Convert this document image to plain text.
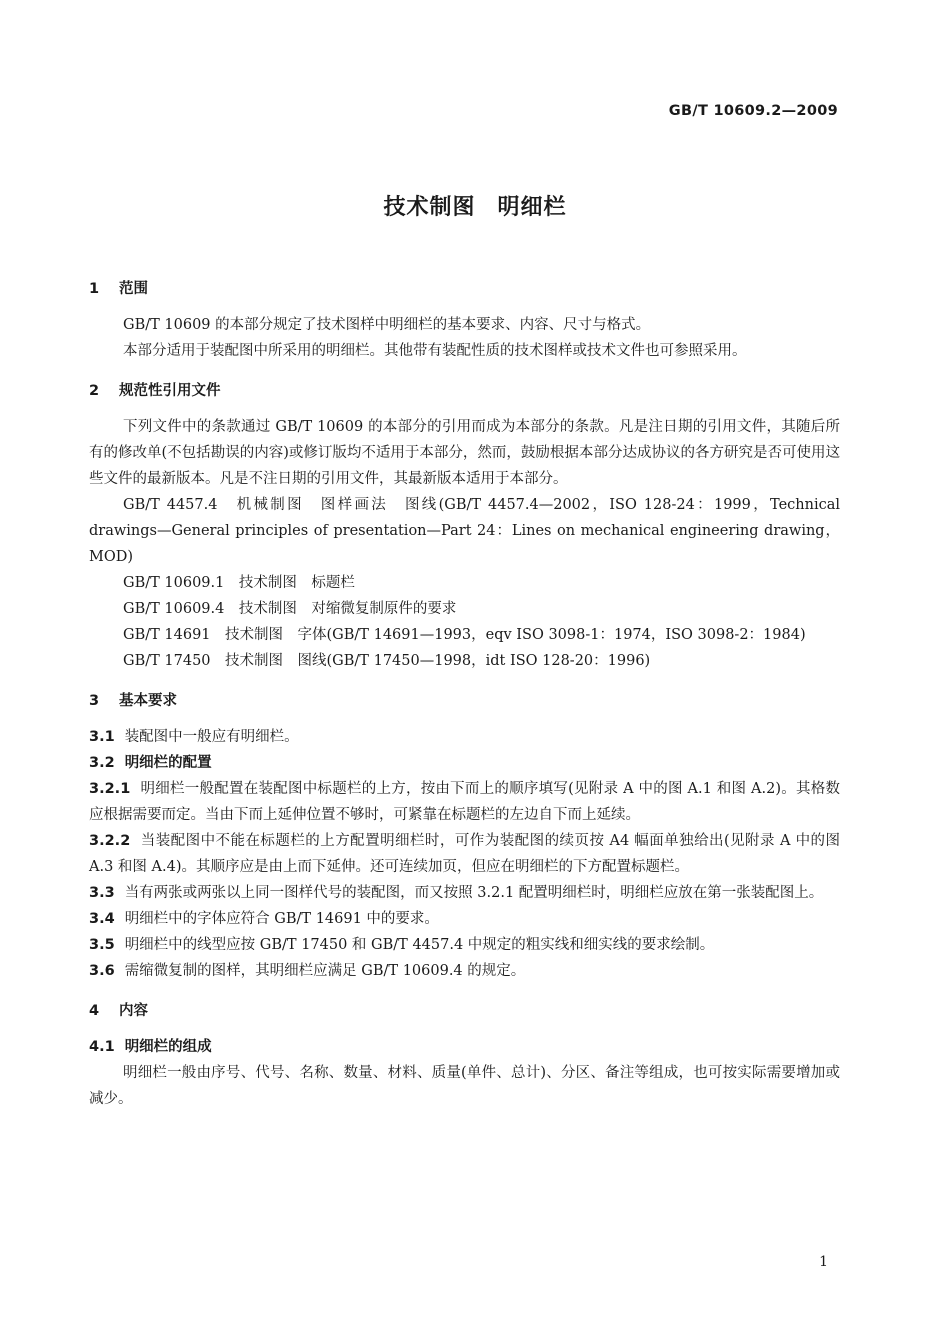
GB/T 10609.2—2009
技术制图 明细栏
1 范围

GB/T 10609 的本部分规定了技术图样中明细栏的基本要求、内容、尺寸与格式。

本部分适用于装配图中所采用的明细栏。其他带有装配性质的技术图样或技术文件也可参照采用。

2 规范性引用文件

下列文件中的条款通过 GB/T 10609 的本部分的引用而成为本部分的条款。凡是注日期的引用文件，其随后所有的修改单(不包括勘误的内容)或修订版均不适用于本部分，然而，鼓励根据本部分达成协议的各方研究是否可使用这些文件的最新版本。凡是不注日期的引用文件，其最新版本适用于本部分。

GB/T 4457.4　机械制图　图样画法　图线(GB/T 4457.4—2002，ISO 128-24：1999，Technical drawings—General principles of presentation—Part 24：Lines on mechanical engineering drawing，MOD)

GB/T 10609.1　技术制图　标题栏

GB/T 10609.4　技术制图　对缩微复制原件的要求

GB/T 14691　技术制图　字体(GB/T 14691—1993，eqv ISO 3098-1：1974，ISO 3098-2：1984)

GB/T 17450　技术制图　图线(GB/T 17450—1998，idt ISO 128-20：1996)

3 基本要求

3.1 装配图中一般应有明细栏。

3.2 明细栏的配置

3.2.1 明细栏一般配置在装配图中标题栏的上方，按由下而上的顺序填写(见附录 A 中的图 A.1 和图 A.2)。其格数应根据需要而定。当由下而上延伸位置不够时，可紧靠在标题栏的左边自下而上延续。

3.2.2 当装配图中不能在标题栏的上方配置明细栏时，可作为装配图的续页按 A4 幅面单独给出(见附录 A 中的图 A.3 和图 A.4)。其顺序应是由上而下延伸。还可连续加页，但应在明细栏的下方配置标题栏。

3.3 当有两张或两张以上同一图样代号的装配图，而又按照 3.2.1 配置明细栏时，明细栏应放在第一张装配图上。

3.4 明细栏中的字体应符合 GB/T 14691 中的要求。

3.5 明细栏中的线型应按 GB/T 17450 和 GB/T 4457.4 中规定的粗实线和细实线的要求绘制。

3.6 需缩微复制的图样，其明细栏应满足 GB/T 10609.4 的规定。

4 内容

4.1 明细栏的组成

明细栏一般由序号、代号、名称、数量、材料、质量(单件、总计)、分区、备注等组成，也可按实际需要增加或减少。

1
